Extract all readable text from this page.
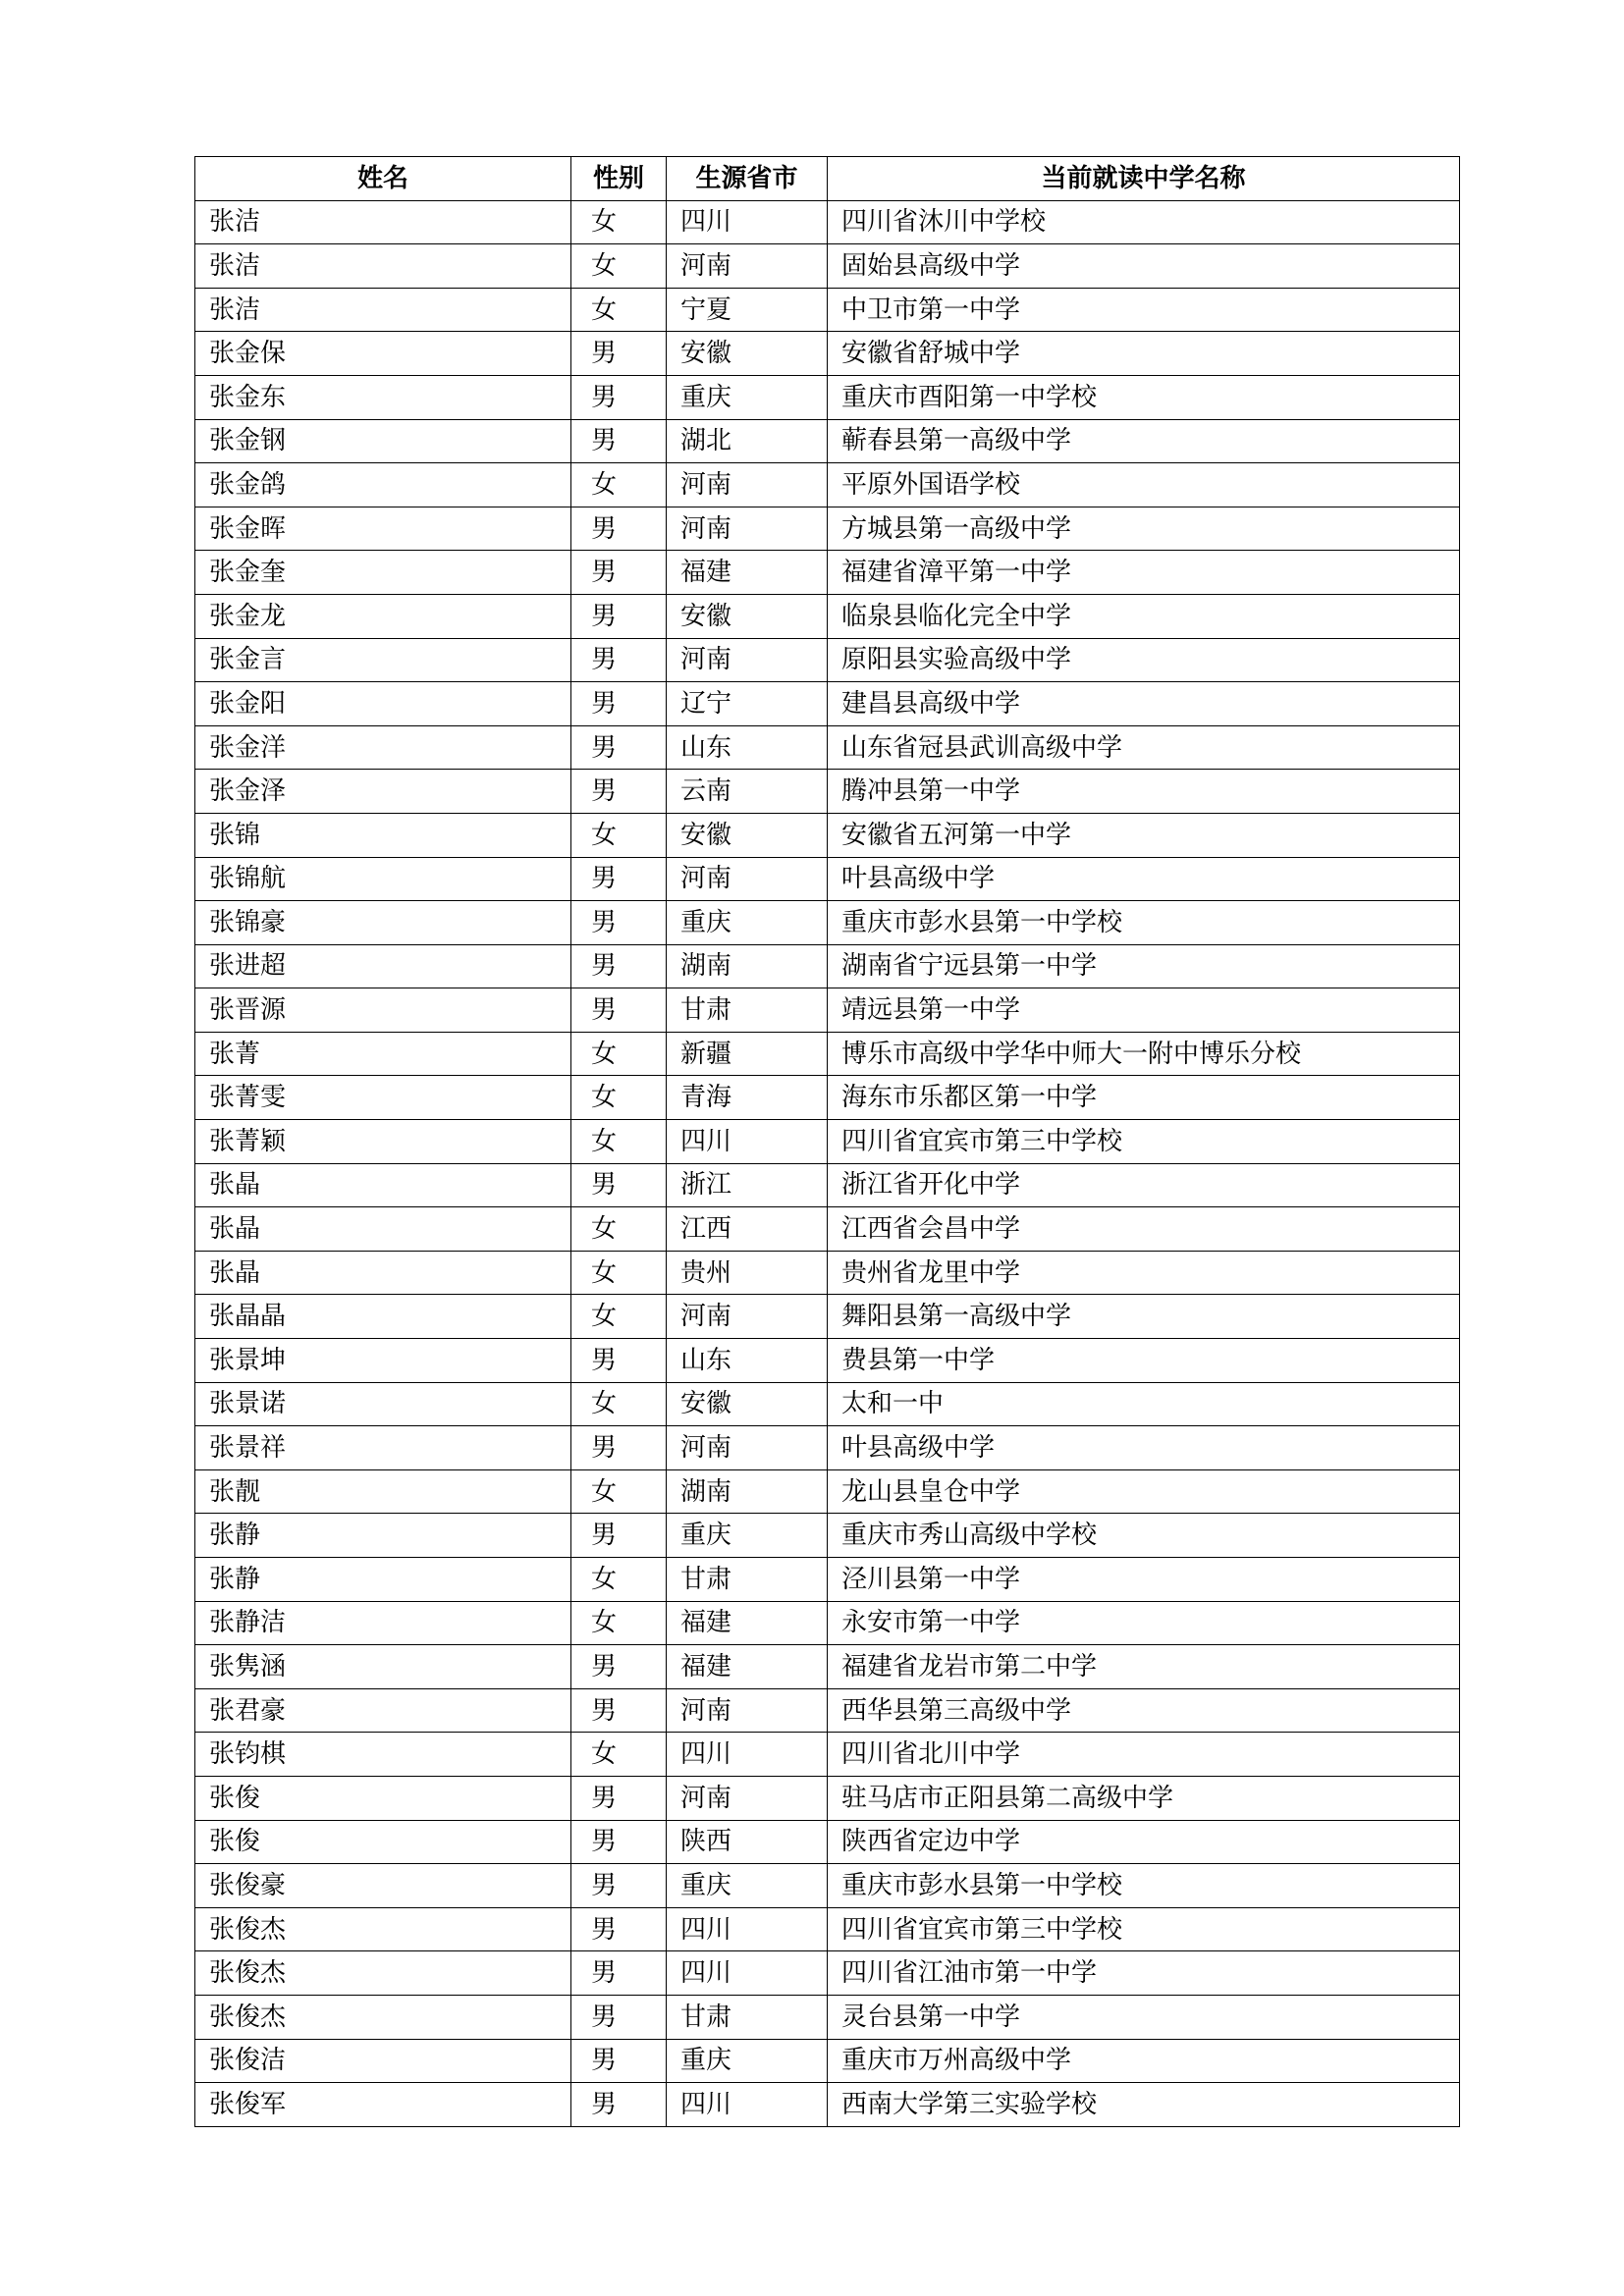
姓名	性别	生源省市	当前就读中学名称
张洁	女	四川	四川省沐川中学校
张洁	女	河南	固始县高级中学
张洁	女	宁夏	中卫市第一中学
张金保	男	安徽	安徽省舒城中学
张金东	男	重庆	重庆市酉阳第一中学校
张金钢	男	湖北	蕲春县第一高级中学
张金鸽	女	河南	平原外国语学校
张金晖	男	河南	方城县第一高级中学
张金奎	男	福建	福建省漳平第一中学
张金龙	男	安徽	临泉县临化完全中学
张金言	男	河南	原阳县实验高级中学
张金阳	男	辽宁	建昌县高级中学
张金洋	男	山东	山东省冠县武训高级中学
张金泽	男	云南	腾冲县第一中学
张锦	女	安徽	安徽省五河第一中学
张锦航	男	河南	叶县高级中学
张锦豪	男	重庆	重庆市彭水县第一中学校
张进超	男	湖南	湖南省宁远县第一中学
张晋源	男	甘肃	靖远县第一中学
张菁	女	新疆	博乐市高级中学华中师大一附中博乐分校
张菁雯	女	青海	海东市乐都区第一中学
张菁颖	女	四川	四川省宜宾市第三中学校
张晶	男	浙江	浙江省开化中学
张晶	女	江西	江西省会昌中学
张晶	女	贵州	贵州省龙里中学
张晶晶	女	河南	舞阳县第一高级中学
张景坤	男	山东	费县第一中学
张景诺	女	安徽	太和一中
张景祥	男	河南	叶县高级中学
张靓	女	湖南	龙山县皇仓中学
张静	男	重庆	重庆市秀山高级中学校
张静	女	甘肃	泾川县第一中学
张静洁	女	福建	永安市第一中学
张隽涵	男	福建	福建省龙岩市第二中学
张君豪	男	河南	西华县第三高级中学
张钧棋	女	四川	四川省北川中学
张俊	男	河南	驻马店市正阳县第二高级中学
张俊	男	陕西	陕西省定边中学
张俊豪	男	重庆	重庆市彭水县第一中学校
张俊杰	男	四川	四川省宜宾市第三中学校
张俊杰	男	四川	四川省江油市第一中学
张俊杰	男	甘肃	灵台县第一中学
张俊洁	男	重庆	重庆市万州高级中学
张俊军	男	四川	西南大学第三实验学校
